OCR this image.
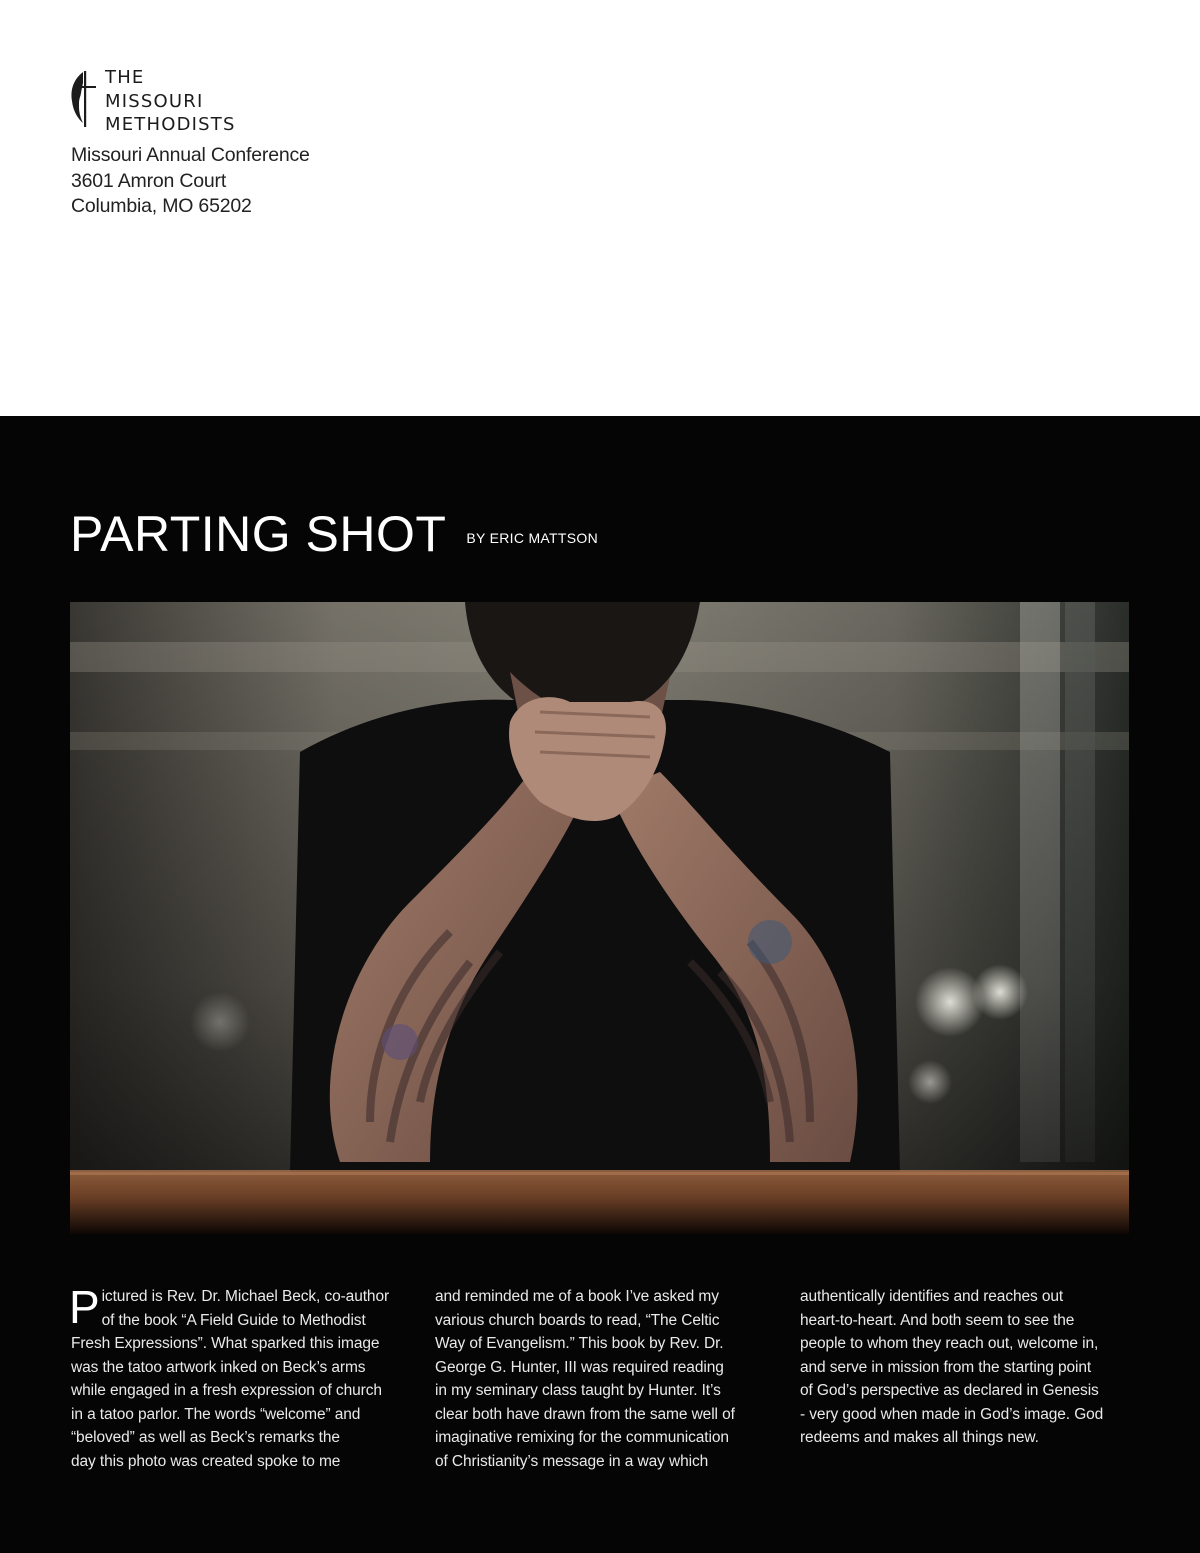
THE
MISSOURI
METHODISTS
Missouri Annual Conference
3601 Amron Court
Columbia, MO 65202
PARTING SHOT BY ERIC MATTSON
P ictured is Rev. Dr. Michael Beck, co-author
of the book “A Field Guide to Methodist
Fresh Expressions”. What sparked this image
was the tatoo artwork inked on Beck’s arms
while engaged in a fresh expression of church
in a tatoo parlor. The words “welcome” and
“beloved” as well as Beck’s remarks the
day this photo was created spoke to me
and reminded me of a book I’ve asked my
various church boards to read, “The Celtic
Way of Evangelism.” This book by Rev. Dr.
George G. Hunter, III was required reading
in my seminary class taught by Hunter. It’s
clear both have drawn from the same well of
imaginative remixing for the communication
of Christianity’s message in a way which
authentically identifies and reaches out
heart-to-heart. And both seem to see the
people to whom they reach out, welcome in,
and serve in mission from the starting point
of God’s perspective as declared in Genesis
- very good when made in God’s image. God
redeems and makes all things new.
